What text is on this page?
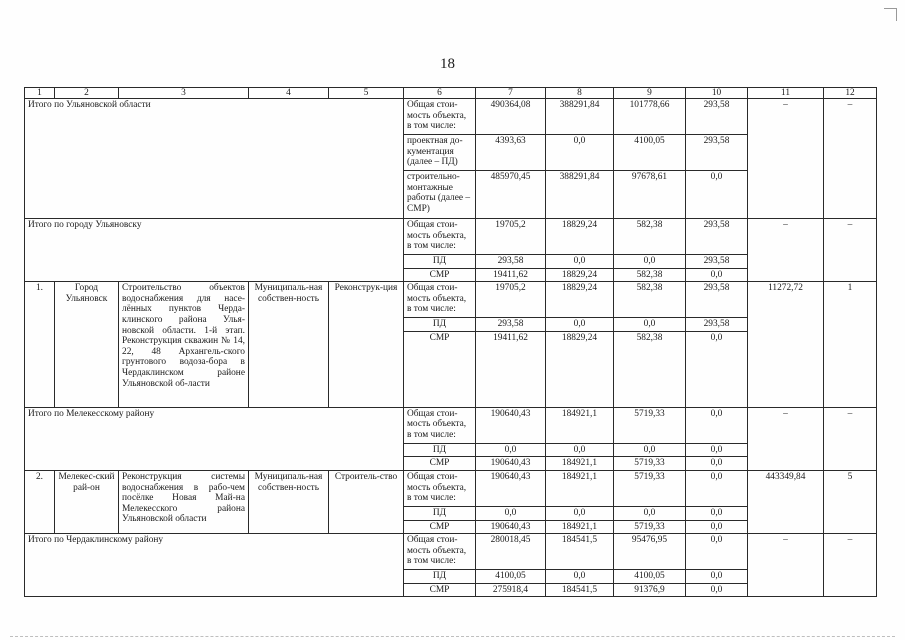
18
1	2	3	4	5	6	7	8	9	10	11	12
Итого по Ульяновской области					Общая стои-мость объекта, в том числе:	490364,08	388291,84	101778,66	293,58	–	–
					проектная до-кументация (далее – ПД)	4393,63	0,0	4100,05	293,58		
					строительно-монтажные работы (далее – СМР)	485970,45	388291,84	97678,61	0,0		
Итого по городу Ульяновску					Общая стои-мость объекта, в том числе:	19705,2	18829,24	582,38	293,58	–	–
					ПД	293,58	0,0	0,0	293,58		
					СМР	19411,62	18829,24	582,38	0,0		
1.	Город Ульяновск	Строительство объектов водоснабжения для насе-лённых пунктов Черда-клинского района Улья-новской области. 1-й этап. Реконструкция скважин № 14, 22, 48 Архангель-ского грунтового водоза-бора в Чердаклинском районе Ульяновской об-ласти	Муниципаль-ная собствен-ность	Реконструк-ция	Общая стои-мость объекта, в том числе:	19705,2	18829,24	582,38	293,58	11272,72	1
					ПД	293,58	0,0	0,0	293,58		
					СМР	19411,62	18829,24	582,38	0,0		
Итого по Мелекесскому району					Общая стои-мость объекта, в том числе:	190640,43	184921,1	5719,33	0,0	–	–
					ПД	0,0	0,0	0,0	0,0		
					СМР	190640,43	184921,1	5719,33	0,0		
2.	Мелекес-ский рай-он	Реконструкция системы водоснабжения в рабо-чем посёлке Новая Май-на Мелекесского района Ульяновской области	Муниципаль-ная собствен-ность	Строитель-ство	Общая стои-мость объекта, в том числе:	190640,43	184921,1	5719,33	0,0	443349,84	5
					ПД	0,0	0,0	0,0	0,0		
					СМР	190640,43	184921,1	5719,33	0,0		
Итого по Чердаклинскому району					Общая стои-мость объекта, в том числе:	280018,45	184541,5	95476,95	0,0	–	–
					ПД	4100,05	0,0	4100,05	0,0		
					СМР	275918,4	184541,5	91376,9	0,0		
